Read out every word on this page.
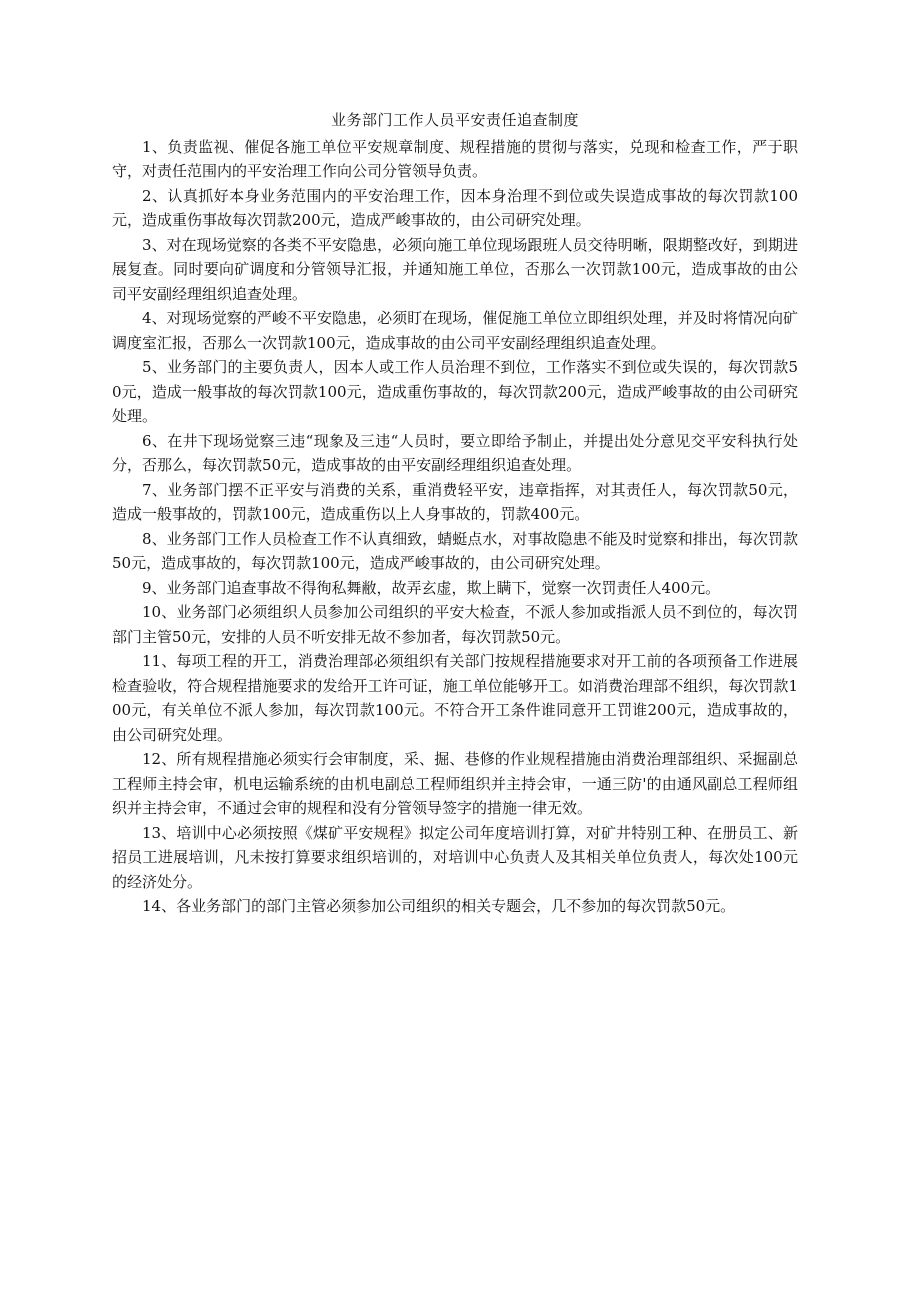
业务部门工作人员平安责任追查制度

1、负责监视、催促各施工单位平安规章制度、规程措施的贯彻与落实，兑现和检查工作，严于职守，对责任范围内的平安治理工作向公司分管领导负责。

2、认真抓好本身业务范围内的平安治理工作，因本身治理不到位或失误造成事故的每次罚款100元，造成重伤事故每次罚款200元，造成严峻事故的，由公司研究处理。

3、对在现场觉察的各类不平安隐患，必须向施工单位现场跟班人员交待明晰，限期整改好，到期进展复查。同时要向矿调度和分管领导汇报，并通知施工单位，否那么一次罚款100元，造成事故的由公司平安副经理组织追查处理。

4、对现场觉察的严峻不平安隐患，必须盯在现场，催促施工单位立即组织处理，并及时将情况向矿调度室汇报，否那么一次罚款100元，造成事故的由公司平安副经理组织追查处理。

5、业务部门的主要负责人，因本人或工作人员治理不到位，工作落实不到位或失误的，每次罚款50元，造成一般事故的每次罚款100元，造成重伤事故的，每次罚款200元，造成严峻事故的由公司研究处理。

6、在井下现场觉察三违“现象及三违“人员时，要立即给予制止，并提出处分意见交平安科执行处分，否那么，每次罚款50元，造成事故的由平安副经理组织追查处理。

7、业务部门摆不正平安与消费的关系，重消费轻平安，违章指挥，对其责任人，每次罚款50元，造成一般事故的，罚款100元，造成重伤以上人身事故的，罚款400元。

8、业务部门工作人员检查工作不认真细致，蜻蜓点水，对事故隐患不能及时觉察和排出，每次罚款50元，造成事故的，每次罚款100元，造成严峻事故的，由公司研究处理。

9、业务部门追查事故不得徇私舞敝，故弄玄虚，欺上瞒下，觉察一次罚责任人400元。

10、业务部门必须组织人员参加公司组织的平安大检查，不派人参加或指派人员不到位的，每次罚部门主管50元，安排的人员不听安排无故不参加者，每次罚款50元。

11、每项工程的开工，消费治理部必须组织有关部门按规程措施要求对开工前的各项预备工作进展检查验收，符合规程措施要求的发给开工许可证，施工单位能够开工。如消费治理部不组织，每次罚款100元，有关单位不派人参加，每次罚款100元。不符合开工条件谁同意开工罚谁200元，造成事故的，由公司研究处理。

12、所有规程措施必须实行会审制度，采、掘、巷修的作业规程措施由消费治理部组织、采掘副总工程师主持会审，机电运输系统的由机电副总工程师组织并主持会审，一通三防'的由通风副总工程师组织并主持会审，不通过会审的规程和没有分管领导签字的措施一律无效。

13、培训中心必须按照《煤矿平安规程》拟定公司年度培训打算，对矿井特别工种、在册员工、新招员工进展培训，凡未按打算要求组织培训的，对培训中心负责人及其相关单位负责人，每次处100元的经济处分。

14、各业务部门的部门主管必须参加公司组织的相关专题会，几不参加的每次罚款50元。
